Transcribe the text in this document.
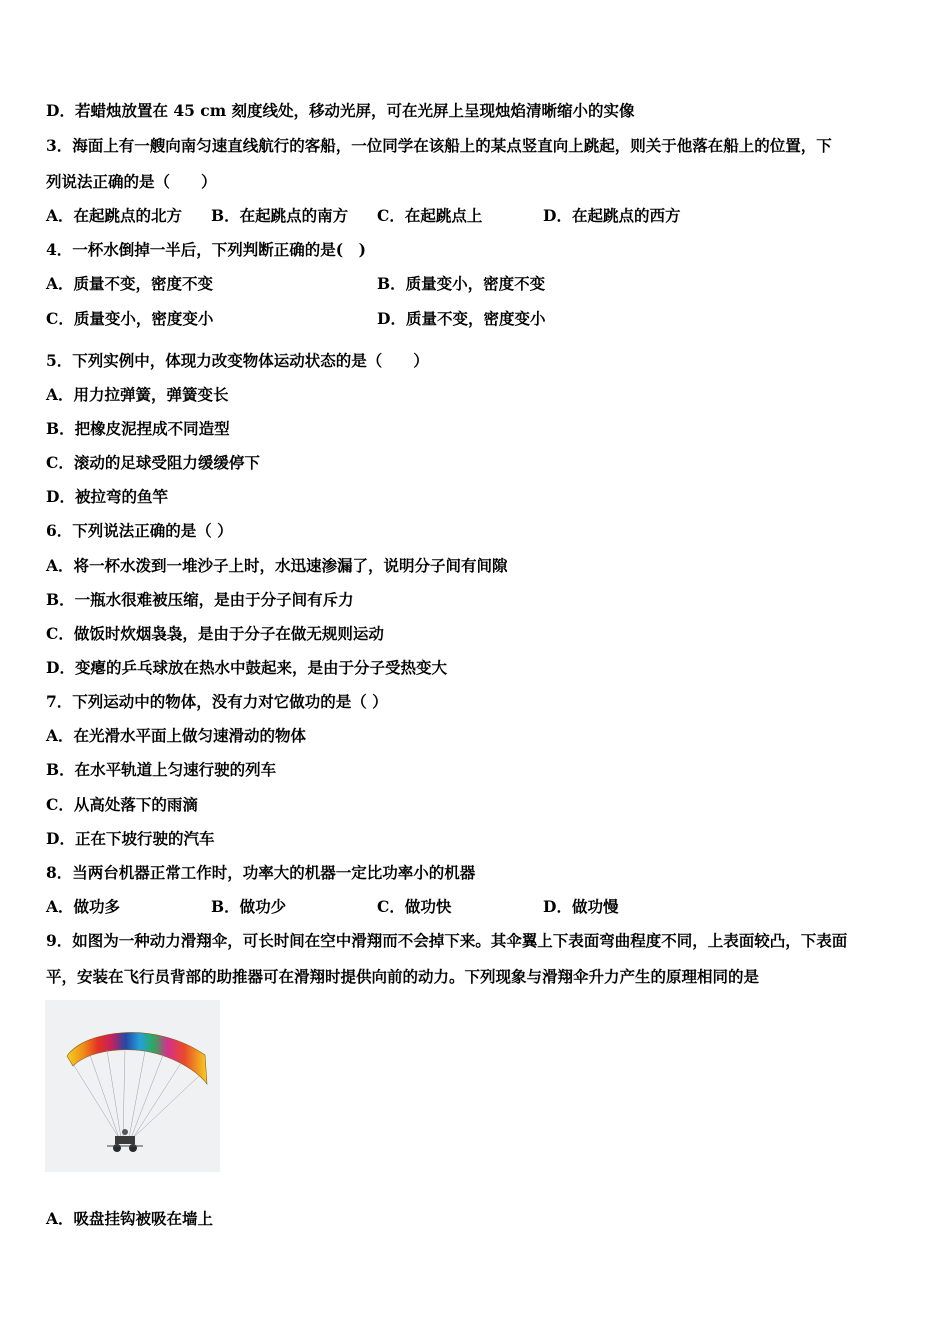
D．若蜡烛放置在 45 cm 刻度线处，移动光屏，可在光屏上呈现烛焰清晰缩小的实像
3．海面上有一艘向南匀速直线航行的客船，一位同学在该船上的某点竖直向上跳起，则关于他落在船上的位置，下
列说法正确的是（　　）
A．在起跳点的北方 B．在起跳点的南方 C．在起跳点上	D．在起跳点的西方
4．一杯水倒掉一半后，下列判断正确的是(　)
A．质量不变，密度不变	B．质量变小，密度不变
C．质量变小，密度变小	D．质量不变，密度变小
5．下列实例中，体现力改变物体运动状态的是（　　）
A．用力拉弹簧，弹簧变长
B．把橡皮泥捏成不同造型
C．滚动的足球受阻力缓缓停下
D．被拉弯的鱼竿
6．下列说法正确的是（ ）
A．将一杯水泼到一堆沙子上时，水迅速渗漏了，说明分子间有间隙
B．一瓶水很难被压缩，是由于分子间有斥力
C．做饭时炊烟袅袅，是由于分子在做无规则运动
D．变瘪的乒乓球放在热水中鼓起来，是由于分子受热变大
7．下列运动中的物体，没有力对它做功的是（ ）
A．在光滑水平面上做匀速滑动的物体
B．在水平轨道上匀速行驶的列车
C．从高处落下的雨滴
D．正在下坡行驶的汽车
8．当两台机器正常工作时，功率大的机器一定比功率小的机器
A．做功多	B．做功少	C．做功快	D．做功慢
9．如图为一种动力滑翔伞，可长时间在空中滑翔而不会掉下来。其伞翼上下表面弯曲程度不同，上表面较凸，下表面
平，安装在飞行员背部的助推器可在滑翔时提供向前的动力。下列现象与滑翔伞升力产生的原理相同的是
A．吸盘挂钩被吸在墙上
